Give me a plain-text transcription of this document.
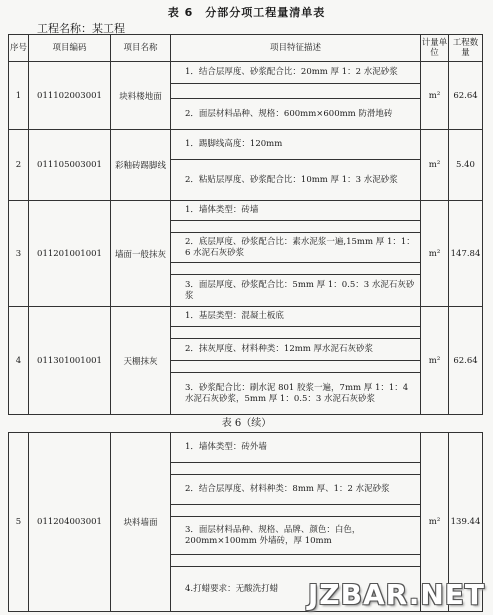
表 6　分部分项工程量清单表
工程名称：某工程
序号	项目编码	项目名称	项目特征描述	计量单位	工程数量
1	011102003001	块料楼地面	1．结合层厚度、砂浆配合比：20mm 厚 1：2 水泥砂浆
2．面层材料品种、规格：600mm×600mm 防滑地砖	m²	62.64
2	011105003001	彩釉砖踢脚线	1．踢脚线高度：120mm
2．粘贴层厚度、砂浆配合比：10mm 厚 1：3 水泥砂浆	m²	5.40
3	011201001001	墙面一般抹灰	1．墙体类型：砖墙
2．底层厚度、砂浆配合比：素水泥浆一遍,15mm 厚 1：1：6 水泥石灰砂浆
3．面层厚度、砂浆配合比：5mm 厚 1：0.5：3 水泥石灰砂浆	m²	147.84
4	011301001001	天棚抹灰	1．基层类型：混凝土板底
2．抹灰厚度、材料种类：12mm 厚水泥石灰砂浆
3．砂浆配合比：刷水泥 801 胶浆一遍，7mm 厚 1：1：4 水泥石灰砂浆，5mm 厚 1：0.5：3 水泥石灰砂浆	m²	62.64
表 6（续）
5	011204003001	块料墙面	
1．墙体类型：砖外墙
2．结合层厚度、材料种类：8mm 厚、1：2 水泥砂浆
3．面层材料品种、规格、品牌、颜色：白色，200mm×100mm 外墙砖，厚 10mm
4.打蜡要求：无酸洗打蜡
	m²	139.44
JZBAR.NET
